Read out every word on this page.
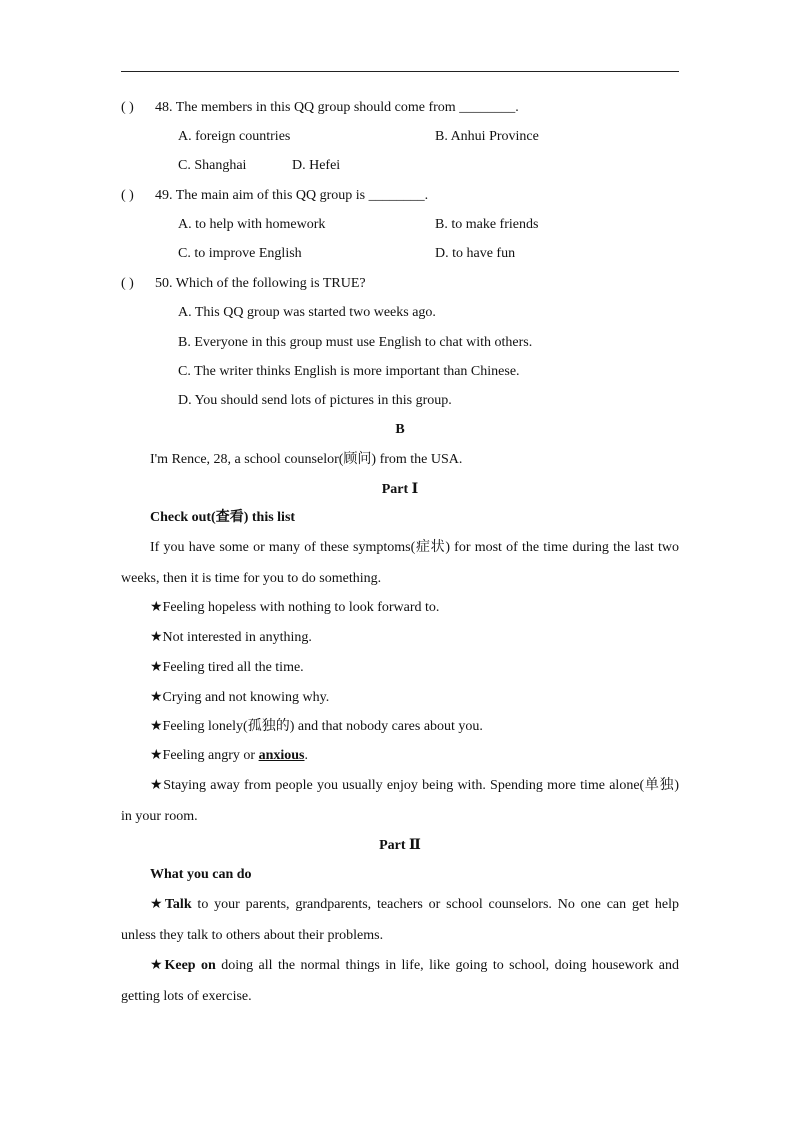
( ) 48. The members in this QQ group should come from ________.
A. foreign countries	B. Anhui Province
C. Shanghai	D. Hefei
( ) 49. The main aim of this QQ group is ________.
A. to help with homework	B. to make friends
C. to improve English	D. to have fun
( ) 50. Which of the following is TRUE?
A. This QQ group was started two weeks ago.
B. Everyone in this group must use English to chat with others.
C. The writer thinks English is more important than Chinese.
D. You should send lots of pictures in this group.
B
I'm Rence, 28, a school counselor(顾问) from the USA.
Part Ⅰ
Check out(查看) this list
If you have some or many of these symptoms(症状) for most of the time during the last two
weeks, then it is time for you to do something.
★Feeling hopeless with nothing to look forward to.
★Not interested in anything.
★Feeling tired all the time.
★Crying and not knowing why.
★Feeling lonely(孤独的) and that nobody cares about you.
★Feeling angry or anxious.
★Staying away from people you usually enjoy being with. Spending more time alone(单独)
in your room.
Part Ⅱ
What you can do
★Talk to your parents, grandparents, teachers or school counselors. No one can get help
unless they talk to others about their problems.
★Keep on doing all the normal things in life, like going to school, doing housework and
getting lots of exercise.
